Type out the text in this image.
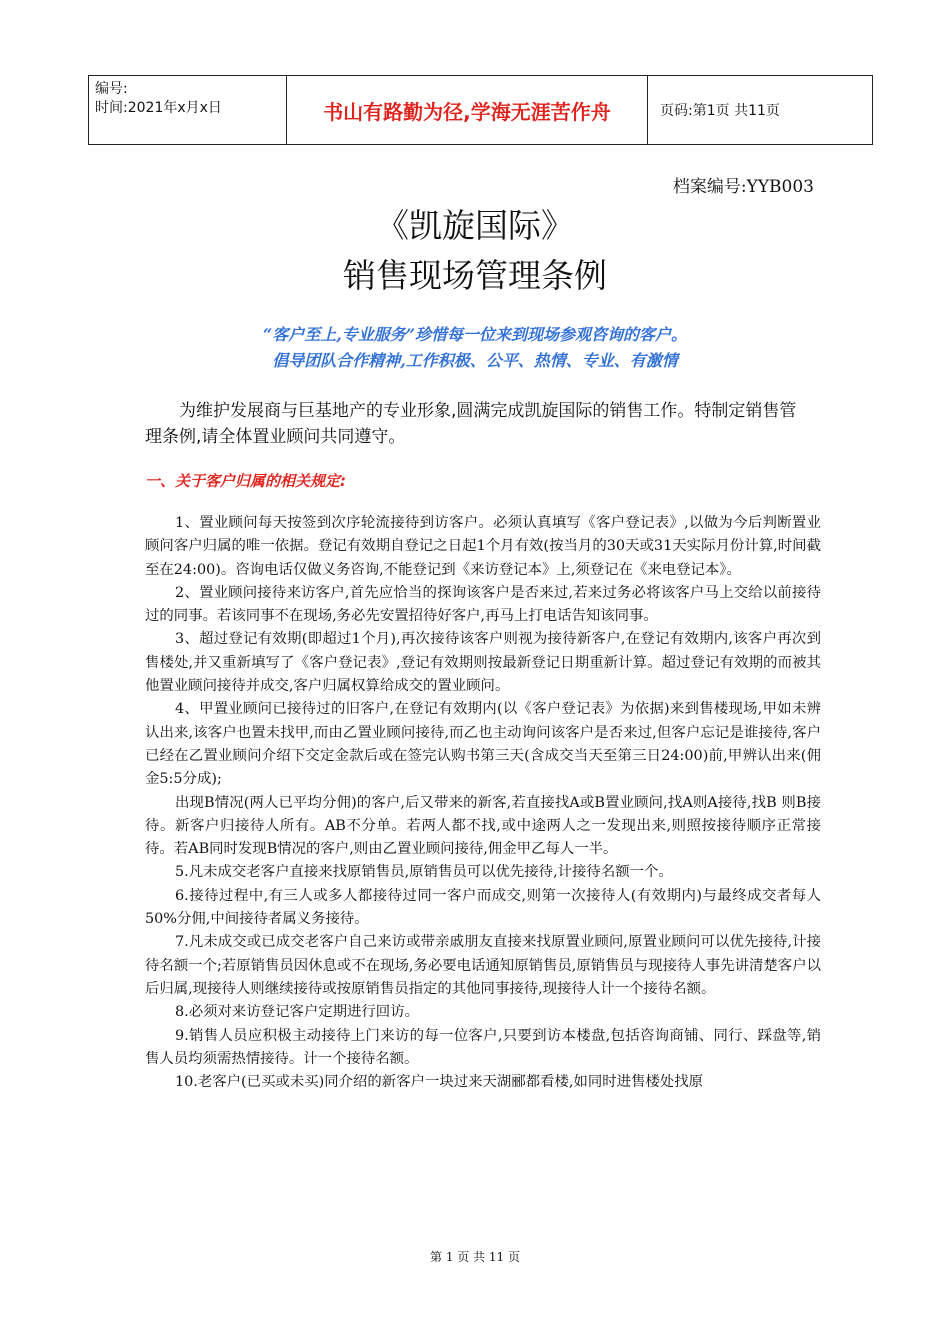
编号:
时间:2021年x月x日	书山有路勤为径,学海无涯苦作舟	页码:第1页 共11页
档案编号:YYB003
《凯旋国际》
销售现场管理条例
“客户至上,专业服务”珍惜每一位来到现场参观咨询的客户。
倡导团队合作精神,工作积极、公平、热情、专业、有激情

为维护发展商与巨基地产的专业形象,圆满完成凯旋国际的销售工作。特制定销售管理条例,请全体置业顾问共同遵守。

一、关于客户归属的相关规定:

1、置业顾问每天按签到次序轮流接待到访客户。必须认真填写《客户登记表》,以做为今后判断置业顾问客户归属的唯一依据。登记有效期自登记之日起1个月有效(按当月的30天或31天实际月份计算,时间截至在24:00)。咨询电话仅做义务咨询,不能登记到《来访登记本》上,须登记在《来电登记本》。

2、置业顾问接待来访客户,首先应恰当的探询该客户是否来过,若来过务必将该客户马上交给以前接待过的同事。若该同事不在现场,务必先安置招待好客户,再马上打电话告知该同事。

3、超过登记有效期(即超过1个月),再次接待该客户则视为接待新客户,在登记有效期内,该客户再次到售楼处,并又重新填写了《客户登记表》,登记有效期则按最新登记日期重新计算。超过登记有效期的而被其他置业顾问接待并成交,客户归属权算给成交的置业顾问。

4、甲置业顾问已接待过的旧客户,在登记有效期内(以《客户登记表》为依据)来到售楼现场,甲如未辨认出来,该客户也置未找甲,而由乙置业顾问接待,而乙也主动询问该客户是否来过,但客户忘记是谁接待,客户已经在乙置业顾问介绍下交定金款后或在签完认购书第三天(含成交当天至第三日24:00)前,甲辨认出来(佣金5:5分成);

出现B情况(两人已平均分佣)的客户,后又带来的新客,若直接找A或B置业顾问,找A则A接待,找B 则B接待。新客户归接待人所有。AB不分单。若两人都不找,或中途两人之一发现出来,则照按接待顺序正常接待。若AB同时发现B情况的客户,则由乙置业顾问接待,佣金甲乙每人一半。

5.凡未成交老客户直接来找原销售员,原销售员可以优先接待,计接待名额一个。

6.接待过程中,有三人或多人都接待过同一客户而成交,则第一次接待人(有效期内)与最终成交者每人50%分佣,中间接待者属义务接待。

7.凡未成交或已成交老客户自己来访或带亲戚朋友直接来找原置业顾问,原置业顾问可以优先接待,计接待名额一个;若原销售员因休息或不在现场,务必要电话通知原销售员,原销售员与现接待人事先讲清楚客户以后归属,现接待人则继续接待或按原销售员指定的其他同事接待,现接待人计一个接待名额。

8.必须对来访登记客户定期进行回访。

9.销售人员应积极主动接待上门来访的每一位客户,只要到访本楼盘,包括咨询商铺、同行、踩盘等,销售人员均须需热情接待。计一个接待名额。

10.老客户(已买或未买)同介绍的新客户一块过来天湖郦都看楼,如同时进售楼处找原

第 1 页 共 11 页
